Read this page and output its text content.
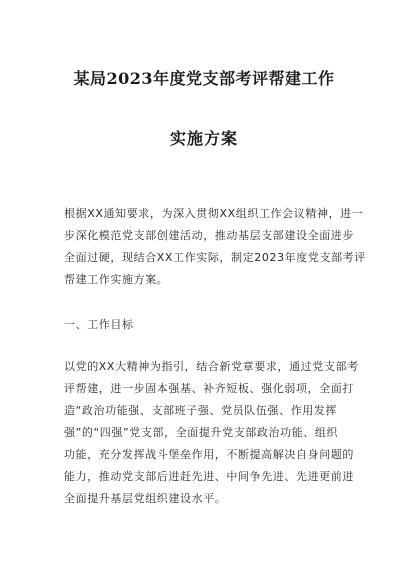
某局2023年度党支部考评帮建工作
实施方案
根据XX通知要求，为深入贯彻XX组织工作会议精神，进一
步深化模范党支部创建活动，推动基层支部建设全面进步
全面过硬，现结合XX工作实际，制定2023年度党支部考评
帮建工作实施方案。
一、工作目标
以党的XX大精神为指引，结合新党章要求，通过党支部考
评帮建，进一步固本强基、补齐短板、强化弱项，全面打
造“政治功能强、支部班子强、党员队伍强、作用发挥
强”的“四强”党支部，全面提升党支部政治功能、组织
功能，充分发挥战斗堡垒作用，不断提高解决自身问题的
能力，推动党支部后进赶先进、中间争先进、先进更前进
全面提升基层党组织建设水平。
